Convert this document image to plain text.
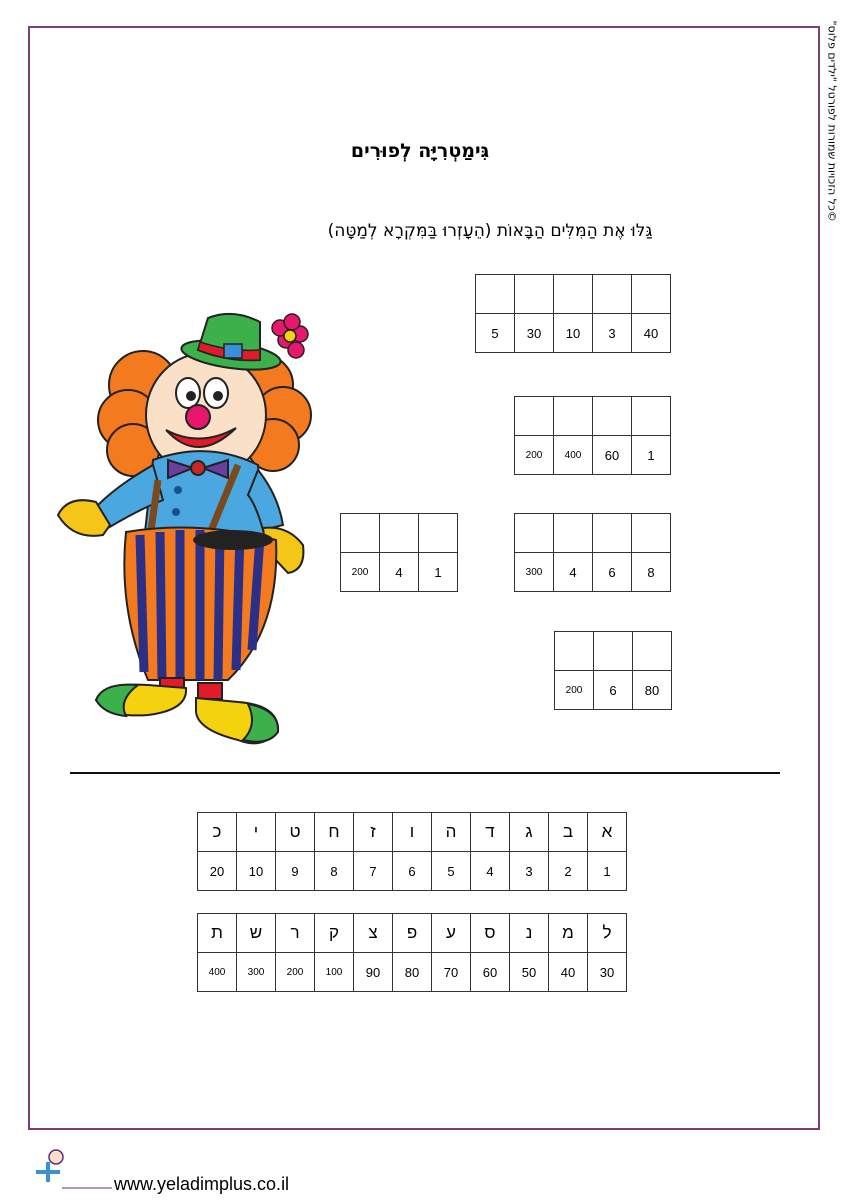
©כל הזכויות שמורות לפורטל "ילדים פלוס"
גִּימַטְרִיָּה לְפוּרִים
גַּלּוּ אֶת הַמִּלִּים הַבָּאוֹת (הֵעָזְרוּ בַּמִּקְרָא לְמַטָּה)

5	30	10	3	40

200	400	60	1

300	4	6	8

200	4	1

200	6	80
כ	י	ט	ח	ז	ו	ה	ד	ג	ב	א
20	10	9	8	7	6	5	4	3	2	1
ת	ש	ר	ק	צ	פ	ע	ס	נ	מ	ל
400	300	200	100	90	80	70	60	50	40	30
www.yeladimplus.co.il
